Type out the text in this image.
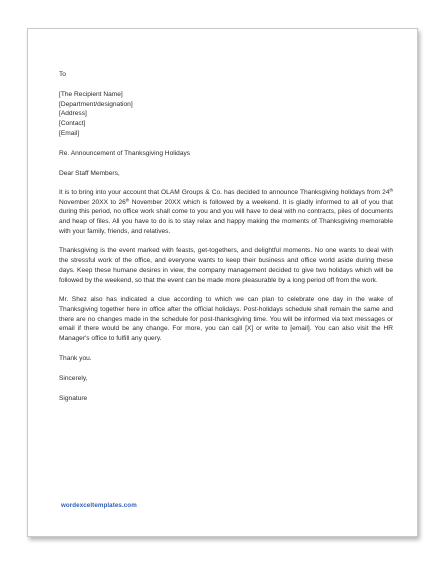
To

[The Recipient Name]

[Department/designation]

[Address]

[Contact]

[Email]

Re. Announcement of Thanksgiving Holidays

Dear Staff Members,

It is to bring into your account that OLAM Groups & Co. has decided to announce Thanksgiving holidays from 24th November 20XX to 26th November 20XX which is followed by a weekend. It is gladly informed to all of you that during this period, no office work shall come to you and you will have to deal with no contracts, piles of documents and heap of files. All you have to do is to stay relax and happy making the moments of Thanksgiving memorable with your family, friends, and relatives.

Thanksgiving is the event marked with feasts, get-togethers, and delightful moments. No one wants to deal with the stressful work of the office, and everyone wants to keep their business and office world aside during these days. Keep these humane desires in view, the company management decided to give two holidays which will be followed by the weekend, so that the event can be made more pleasurable by a long period off from the work.

Mr. Shez also has indicated a clue according to which we can plan to celebrate one day in the wake of Thanksgiving together here in office after the official holidays. Post-holidays schedule shall remain the same and there are no changes made in the schedule for post-thanksgiving time. You will be informed via text messages or email if there would be any change. For more, you can call [X] or write to [email]. You can also visit the HR Manager's office to fulfill any query.

Thank you.

Sincerely,

Signature

wordexceltemplates.com
